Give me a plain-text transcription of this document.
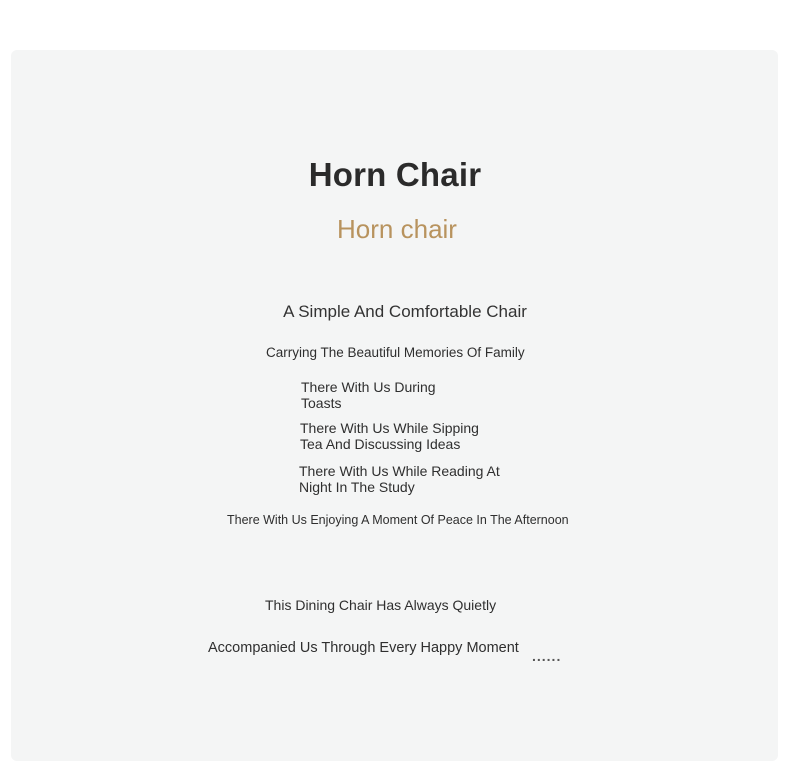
Horn Chair
Horn chair
A Simple And Comfortable Chair
Carrying The Beautiful Memories Of Family
There With Us During Toasts
There With Us While Sipping Tea And Discussing Ideas
There With Us While Reading At Night In The Study
There With Us Enjoying A Moment Of Peace In The Afternoon
This Dining Chair Has Always Quietly
Accompanied Us Through Every Happy Moment ......
